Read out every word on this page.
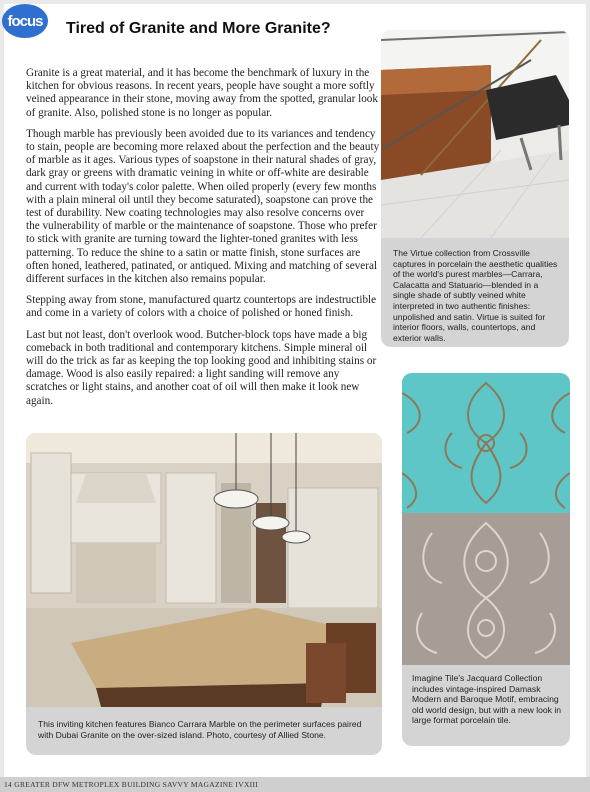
focus	Tired of Granite and More Granite?

Granite is a great material, and it has become the benchmark of luxury in the kitchen for obvious reasons. In recent years, people have sought a more softly veined appearance in their stone, moving away from the spotted, granular look of granite. Also, polished stone is no longer as popular.

Though marble has previously been avoided due to its variances and tendency to stain, people are becoming more relaxed about the perfection and the beauty of marble as it ages. Various types of soapstone in their natural shades of gray, dark gray or greens with dramatic veining in white or off-white are desirable and current with today's color palette. When oiled properly (every few months with a plain mineral oil until they become saturated), soapstone can prove the test of durability. New coating technologies may also resolve concerns over the vulnerability of marble or the maintenance of soapstone. Those who prefer to stick with granite are turning toward the lighter-toned granites with less patterning. To reduce the shine to a satin or matte finish, stone surfaces are often honed, leathered, patinated, or antiqued. Mixing and matching of several different surfaces in the kitchen also remains popular.

Stepping away from stone, manufactured quartz countertops are indestructible and come in a variety of colors with a choice of polished or honed finish.

Last but not least, don't overlook wood. Butcher-block tops have made a big comeback in both traditional and contemporary kitchens. Simple mineral oil will do the trick as far as keeping the top looking good and inhibiting stains or damage. Wood is also easily repaired: a light sanding will remove any scratches or light stains, and another coat of oil will then make it look new again.

The Virtue collection from Crossville captures in porcelain the aesthetic qualities of the world's purest marbles—Carrara, Calacatta and Statuario—blended in a single shade of subtly veined white interpreted in two authentic finishes: unpolished and satin. Virtue is suited for interior floors, walls, countertops, and exterior walls.
Imagine Tile's Jacquard Collection includes vintage-inspired Damask Modern and Baroque Motif, embracing old world design, but with a new look in large format porcelain tile.
This inviting kitchen features Bianco Carrara Marble on the perimeter surfaces paired with Dubai Granite on the over-sized island. Photo, courtesy of Allied Stone.
14 GREATER DFW METROPLEX BUILDING SAVVY MAGAZINE IVXIII
